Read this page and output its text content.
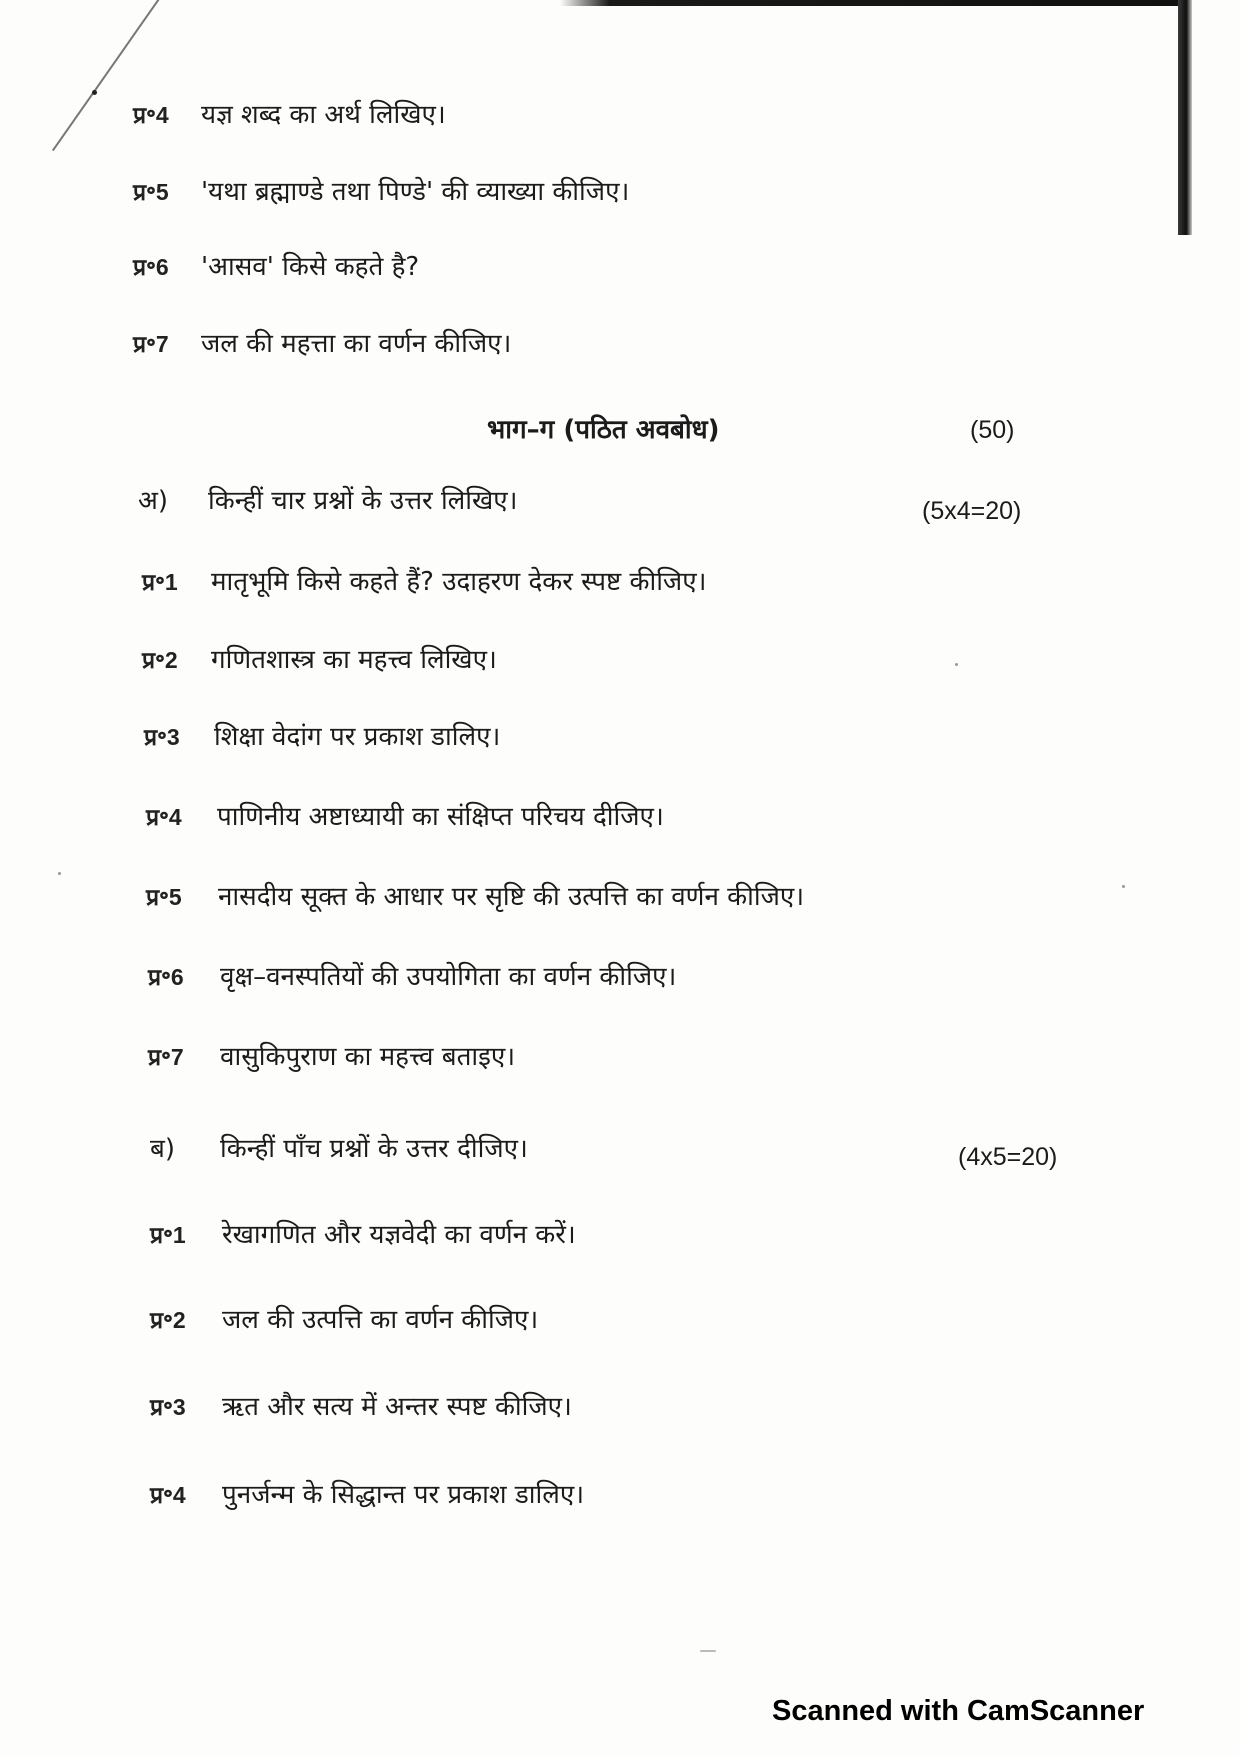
प्र॰4 यज्ञ शब्द का अर्थ लिखिए।
प्र॰5 'यथा ब्रह्माण्डे तथा पिण्डे' की व्याख्या कीजिए।
प्र॰6 'आसव' किसे कहते है?
प्र॰7 जल की महत्ता का वर्णन कीजिए।
भाग–ग (पठित अवबोध)	(50)
अ) किन्हीं चार प्रश्नों के उत्तर लिखिए।	(5x4=20)
प्र॰1 मातृभूमि किसे कहते हैं? उदाहरण देकर स्पष्ट कीजिए।
प्र॰2 गणितशास्त्र का महत्त्व लिखिए।
प्र॰3 शिक्षा वेदांग पर प्रकाश डालिए।
प्र॰4 पाणिनीय अष्टाध्यायी का संक्षिप्त परिचय दीजिए।
प्र॰5 नासदीय सूक्त के आधार पर सृष्टि की उत्पत्ति का वर्णन कीजिए।
प्र॰6 वृक्ष–वनस्पतियों की उपयोगिता का वर्णन कीजिए।
प्र॰7 वासुकिपुराण का महत्त्व बताइए।
ब) किन्हीं पाँच प्रश्नों के उत्तर दीजिए।	(4x5=20)
प्र॰1 रेखागणित और यज्ञवेदी का वर्णन करें।
प्र॰2 जल की उत्पत्ति का वर्णन कीजिए।
प्र॰3 ऋत और सत्य में अन्तर स्पष्ट कीजिए।
प्र॰4 पुनर्जन्म के सिद्धान्त पर प्रकाश डालिए।
Scanned with CamScanner
